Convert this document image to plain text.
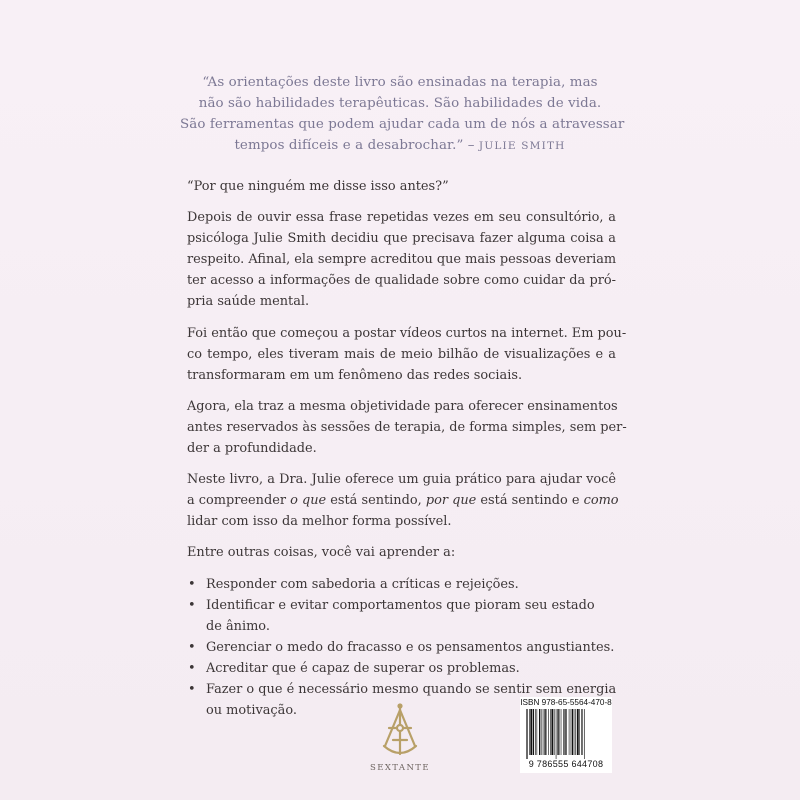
“As orientações deste livro são ensinadas na terapia, mas
não são habilidades terapêuticas. São habilidades de vida.
São ferramentas que podem ajudar cada um de nós a atravessar
tempos difíceis e a desabrochar.” – JULIE SMITH
“Por que ninguém me disse isso antes?”
Depois de ouvir essa frase repetidas vezes em seu consultório, a
psicóloga Julie Smith decidiu que precisava fazer alguma coisa a
respeito. Afinal, ela sempre acreditou que mais pessoas deveriam
ter acesso a informações de qualidade sobre como cuidar da pró-
pria saúde mental.
Foi então que começou a postar vídeos curtos na internet. Em pou-
co tempo, eles tiveram mais de meio bilhão de visualizações e a
transformaram em um fenômeno das redes sociais.
Agora, ela traz a mesma objetividade para oferecer ensinamentos
antes reservados às sessões de terapia, de forma simples, sem per-
der a profundidade.
Neste livro, a Dra. Julie oferece um guia prático para ajudar você
a compreender o que está sentindo, por que está sentindo e como
lidar com isso da melhor forma possível.
Entre outras coisas, você vai aprender a:
• Responder com sabedoria a críticas e rejeições.
• Identificar e evitar comportamentos que pioram seu estado
de ânimo.
• Gerenciar o medo do fracasso e os pensamentos angustiantes.
• Acreditar que é capaz de superar os problemas.
• Fazer o que é necessário mesmo quando se sentir sem energia
ou motivação.
SEXTANTE
ISBN 978-65-5564-470-8
9 786555 644708
